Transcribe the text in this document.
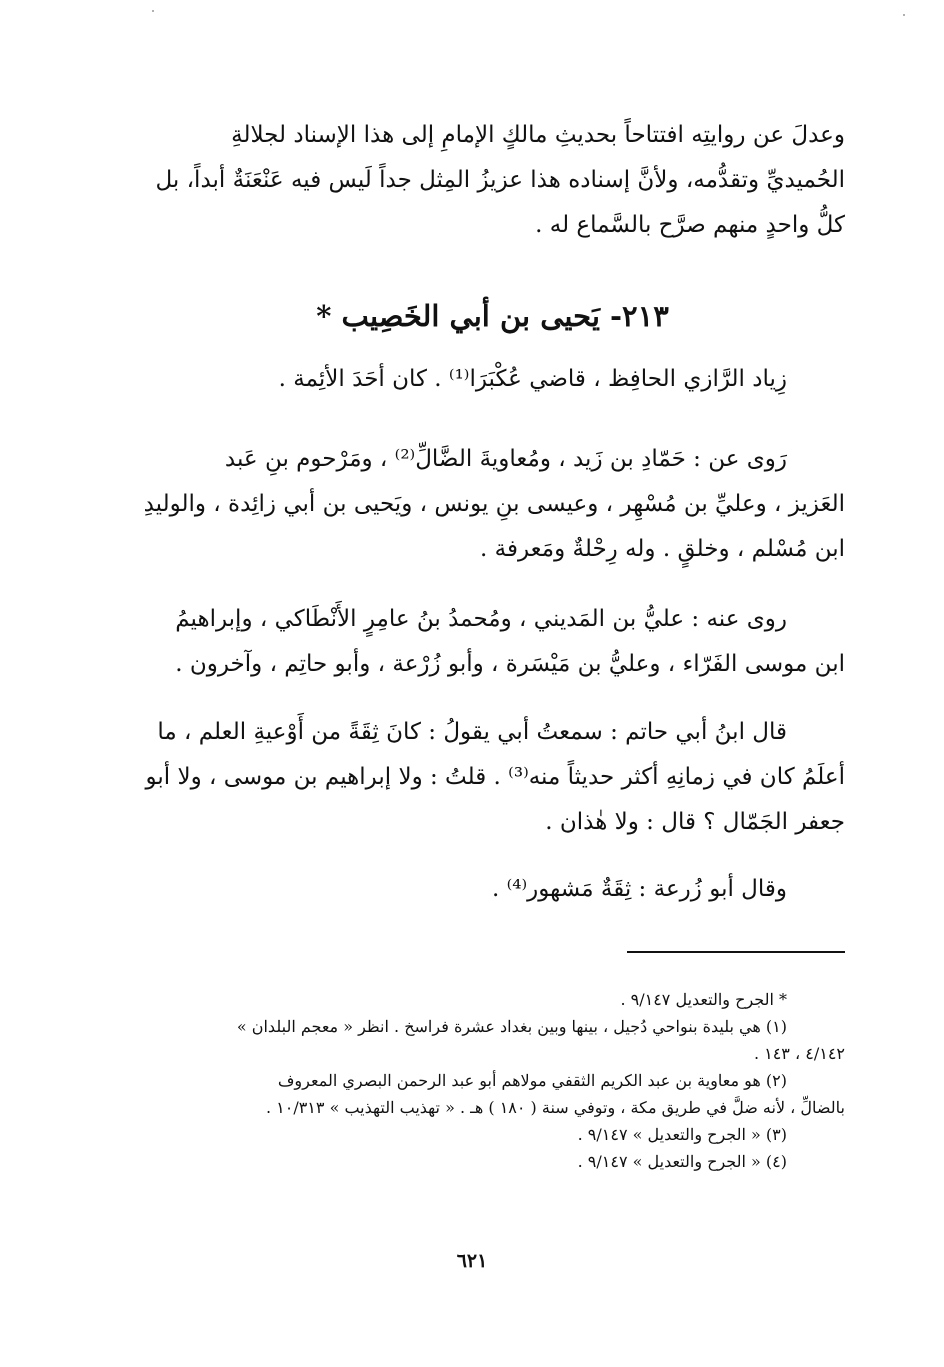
وعدلَ عن روايتِه افتتاحاً بحديثِ مالكٍ الإمامِ إلى هذا الإسناد لجلالةِ

الحُميديِّ وتقدُّمه، ولأنَّ إسناده هذا عزيزُ المِثل جداً لَيس فيه عَنْعَنَةٌ أبداً، بل

كلُّ واحدٍ منهم صرَّح بالسَّماع له .

٢١٣- يَحيى بن أبي الخَصِيب *

زِياد الرَّازي الحافِظ ، قاضي عُكْبَرَا⁽¹⁾ . كان أحَدَ الأئِمة .

رَوى عن : حَمّادِ بن زَيد ، ومُعاويةَ الضَّالِّ⁽²⁾ ، ومَرْحوم بنِ عَبد

العَزيز ، وعليِّ بن مُسْهِر ، وعيسى بنِ يونس ، ويَحيى بن أبي زائِدة ، والوليدِ

ابن مُسْلم ، وخلقٍ . وله رِحْلةٌ ومَعرفة .

روى عنه : عليُّ بن المَديني ، ومُحمدُ بنُ عامِرٍ الأَنْطَاكي ، وإبراهيمُ

ابن موسى الفَرّاء ، وعليُّ بن مَيْسَرة ، وأبو زُرْعة ، وأبو حاتِم ، وآخرون .

قال ابنُ أبي حاتم : سمعتُ أبي يقولُ : كانَ ثِقَةً من أَوْعيةِ العلم ، ما

أعلَمُ كان في زمانِهِ أكثر حديثاً منه⁽³⁾ . قلتُ : ولا إبراهيم بن موسى ، ولا أبو

جعفر الجَمّال ؟ قال : ولا هٰذان .

وقال أبو زُرعة : ثِقَةٌ مَشهور⁽⁴⁾ .

* الجرح والتعديل ٩/١٤٧ .

(١) هي بليدة بنواحي دُجيل ، بينها وبين بغداد عشرة فراسخ . انظر « معجم البلدان »

٤/١٤٢ ، ١٤٣ .

(٢) هو معاوية بن عبد الكريم الثقفي مولاهم أبو عبد الرحمن البصري المعروف

بالضالِّ ، لأنه ضلَّ في طريق مكة ، وتوفي سنة ( ١٨٠ ) هـ . « تهذيب التهذيب » ١٠/٣١٣ .

(٣) « الجرح والتعديل » ٩/١٤٧ .

(٤) « الجرح والتعديل » ٩/١٤٧ .

٦٢١
